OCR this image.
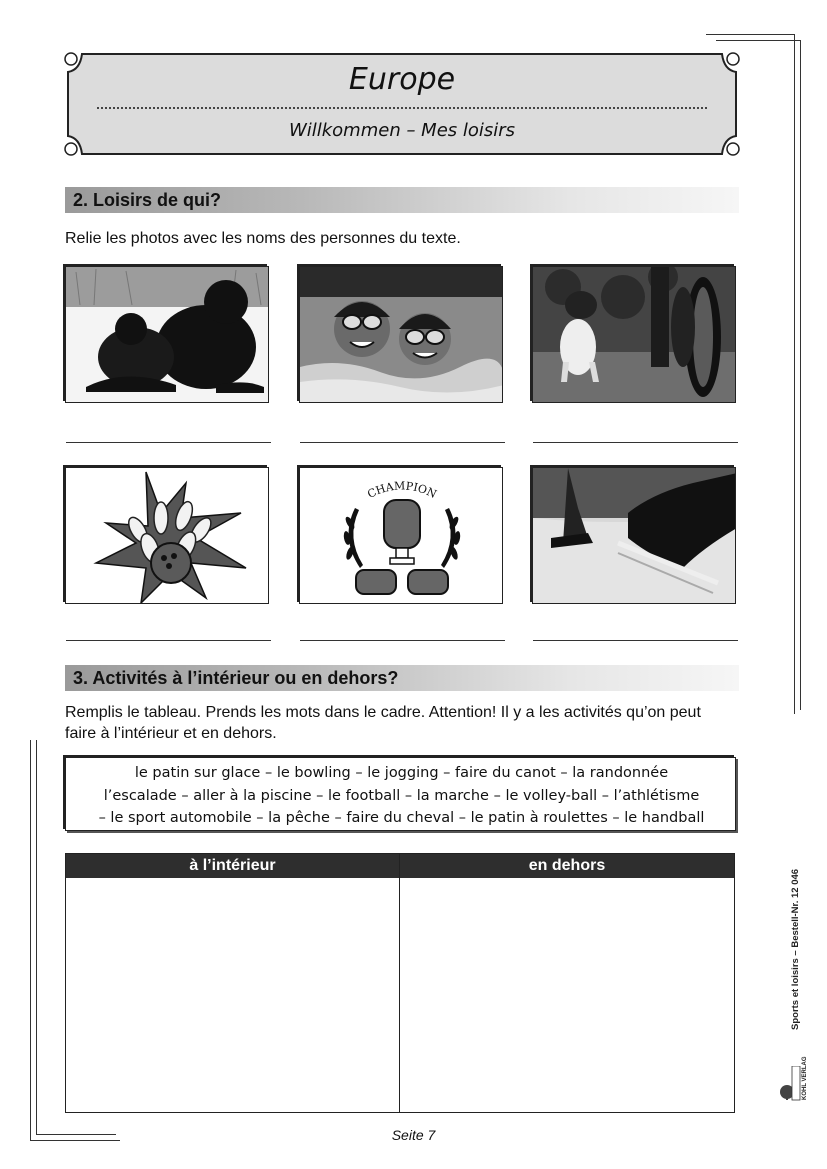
Europe
Willkommen – Mes loisirs
2. Loisirs de qui?
Relie les photos avec les noms des personnes du texte.
CHAMPION
3. Activités à l’intérieur ou en dehors?
Remplis le tableau. Prends les mots dans le cadre. Attention! Il y a les activités qu’on peut
faire à l’intérieur et en dehors.
le patin sur glace – le bowling – le jogging – faire du canot – la randonnée
l’escalade – aller à la piscine – le football – la marche – le volley-ball – l’athlétisme
– le sport automobile – la pêche – faire du cheval – le patin à roulettes – le handball
à l’intérieur	en dehors
Sports et loisirs – Bestell-Nr. 12 046
KOHL VERLAG
Seite 7
